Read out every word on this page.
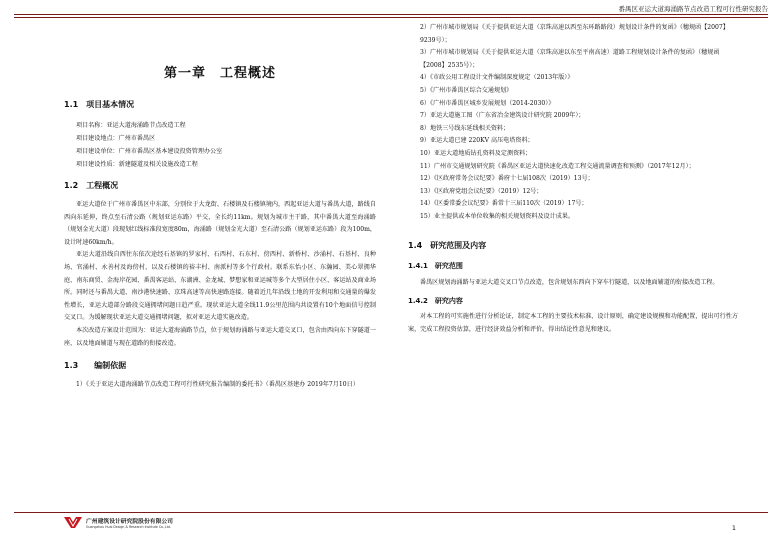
番禺区亚运大道海涌路节点改造工程可行性研究报告
第一章　工程概述
1.1　项目基本情况

项目名称：亚运大道海涌路节点改造工程

项目建设地点：广州市番禺区

项目建设单位：广州市番禺区基本建设投资管理办公室

项目建设性质：新建隧道及相关设施改造工程

1.2　工程概况

亚运大道位于广州市番禺区中东部，分别位于大龙街、石楼镇及石楼镇境内，西起亚运大道与番禺大道，路线自西向东延伸，终点至石清公路（规划亚运东路）平交，全长约11km。规划为城市主干路，其中番禺大道至海涌路（规划金光大道）段现划红线标准段宽度80m，海涌路（规划金光大道）至石清公路（规划亚运东路）段为100m，设计时速60km/h。

亚运大道沿线自西往东依次途经石基镇的罗家村、石西村、石东村、傍西村、新桥村、沙涌村、石基村、良种场、官涌村、永善村及海傍村，以及石楼镇的裕丰村、南派村等多个行政村。联系东怡小区、东瀚园、美心翠拥华庭、南东商贸、金海岸花园、番禺客运站、东湖洲、金龙城、梦想家和亚运城等多个大型居住小区、客运站及商业场所。同时还与番禺大道、南沙港快速路、京珠高速等高快速路连接。随着近几年沿线土地的开发利用和交通量的爆发性增长，亚运大道部分路段交通拥堵问题日趋严重。现状亚运大道全线11.9公里范围内共设置有10个地面信号控制交叉口。为缓解现状亚运大道交通拥堵问题，拟对亚运大道实施改造。

本次改造方案设计范围为：亚运大道海涌路节点，位于规划海涌路与亚运大道交叉口，包含由西向东下穿隧道一座，以及地面辅道与现在道路的衔接改造。

1.3　　编制依据

1）《关于亚运大道海涌路节点改造工程可行性研究报告编制的委托书》（番禺区基建办 2019年7月10日）

2）广州市城市规划局《关于提供亚运大道（京珠高速以西至东环路路段）规划设计条件的复函》（穗规函【2007】9239号）；

3）广州市城市规划局《关于提供亚运大道（京珠高速以东至平南高速）道路工程规划设计条件的复函》（穗规函【2008】2535号）；

4）《市政公用工程设计文件编制深度规定（2013年版）》

5）《广州市番禺区综合交通规划》

6）《广州市番禺区城乡发展规划（2014-2030）》

7）亚运大道施工图（广东省冶金建筑设计研究院 2009年）；

8）地铁三号线东延线相关资料；

9）亚运大道已建 220KV 高压电塔资料；

10）亚运大道地质钻孔资料及定测资料；

11）广州市交通规划研究院《番禺区亚运大道快速化改造工程交通流量调查和预测》（2017年12月）；

12）《区政府常务会议纪要》番府十七届108次（2019）13号；

13）《区政府党组会议纪要》（2019）12号；

14）《区委常委会议纪要》番常十三届110次（2019）17号；

15）业主提供或本单位收集的相关规划资料及设计成果。

1.4　研究范围及内容
1.4.1　研究范围

番禺区规划海涌路与亚运大道交叉口节点改造，包含规划东西向下穿车行隧道，以及地面辅道的衔接改造工程。

1.4.2　研究内容

对本工程的可实施性进行分析论证，制定本工程的主要技术标准、设计原则，确定建设规模和功能配置，提出可行性方案，完成工程投资估算，进行经济效益分析和评价，得出结论性意见和建议。

广州建筑设计研究院股份有限公司
Guangzhou Huai Design & Research Institute Co.,Ltd.	1
